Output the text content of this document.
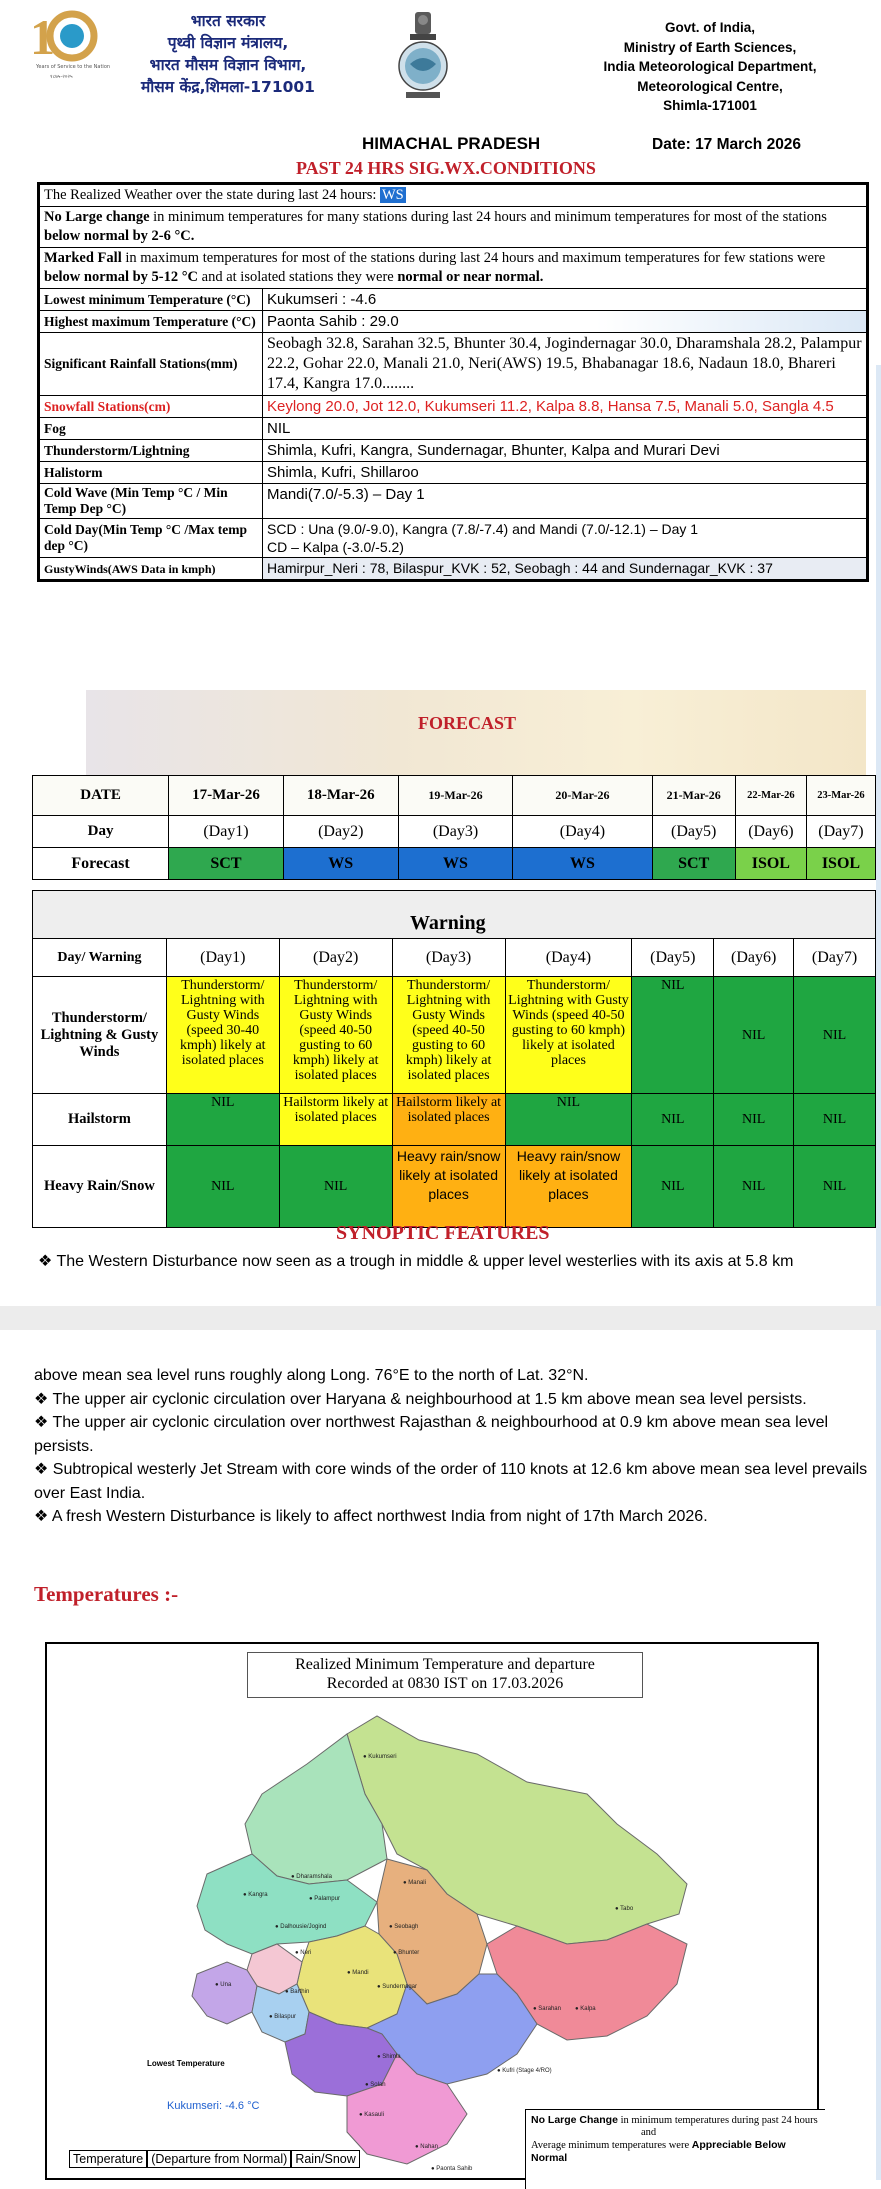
1
Years of Service to the Nation
१८७५-२०२५
भारत सरकार
पृथ्वी विज्ञान मंत्रालय,
भारत मौसम विज्ञान विभाग,
मौसम केंद्र,शिमला-171001
Govt. of India,
Ministry of Earth Sciences,
India Meteorological Department,
Meteorological Centre,
Shimla-171001
HIMACHAL PRADESH	Date: 17 March 2026
PAST 24 HRS SIG.WX.CONDITIONS
The Realized Weather over the state during last 24 hours: WS	
No Large change in minimum temperatures for many stations during last 24 hours and minimum temperatures for most of the stations below normal by 2-6 °C.	
Marked Fall in maximum temperatures for most of the stations during last 24 hours and maximum temperatures for few stations were below normal by 5-12 °C and at isolated stations they were normal or near normal.	
Lowest minimum Temperature (°C)	Kukumseri : -4.6
Highest maximum Temperature (°C)	Paonta Sahib : 29.0
Significant Rainfall Stations(mm)	Seobagh 32.8, Sarahan 32.5, Bhunter 30.4, Jogindernagar 30.0, Dharamshala 28.2, Palampur 22.2, Gohar 22.0, Manali 21.0, Neri(AWS) 19.5, Bhabanagar 18.6, Nadaun 18.0, Bhareri 17.4, Kangra 17.0........
Snowfall Stations(cm)	Keylong 20.0, Jot 12.0, Kukumseri 11.2, Kalpa 8.8, Hansa 7.5, Manali 5.0, Sangla 4.5
Fog	NIL
Thunderstorm/Lightning	Shimla, Kufri, Kangra, Sundernagar, Bhunter, Kalpa and Murari Devi
Halistorm	Shimla, Kufri, Shillaroo
Cold Wave (Min Temp °C / Min Temp Dep °C)	Mandi(7.0/-5.3) – Day 1
Cold Day(Min Temp °C /Max temp dep °C)	SCD : Una (9.0/-9.0), Kangra (7.8/-7.4) and Mandi (7.0/-12.1) – Day 1
CD – Kalpa (-3.0/-5.2)
GustyWinds(AWS Data in kmph)	Hamirpur_Neri : 78, Bilaspur_KVK : 52, Seobagh : 44 and Sundernagar_KVK : 37
FORECAST
DATE	17-Mar-26	18-Mar-26	19-Mar-26	20-Mar-26	21-Mar-26	22-Mar-26	23-Mar-26
Day	(Day1)	(Day2)	(Day3)	(Day4)	(Day5)	(Day6)	(Day7)
Forecast	SCT	WS	WS	WS	SCT	ISOL	ISOL
Warning
Day/ Warning	(Day1)	(Day2)	(Day3)	(Day4)	(Day5)	(Day6)	(Day7)
Thunderstorm/ Lightning & Gusty Winds	Thunderstorm/ Lightning with Gusty Winds (speed 30-40 kmph) likely at isolated places	Thunderstorm/ Lightning with Gusty Winds (speed 40-50 gusting to 60 kmph) likely at isolated places	Thunderstorm/ Lightning with Gusty Winds (speed 40-50 gusting to 60 kmph) likely at isolated places	Thunderstorm/ Lightning with Gusty Winds (speed 40-50 gusting to 60 kmph) likely at isolated places	NIL	NIL	NIL
Hailstorm	NIL	Hailstorm likely at isolated places	Hailstorm likely at isolated places	NIL	NIL	NIL	NIL
Heavy Rain/Snow	NIL	NIL	Heavy rain/snow likely at isolated places	Heavy rain/snow likely at isolated places	NIL	NIL	NIL
SYNOPTIC FEATURES
❖ The Western Disturbance now seen as a trough in middle & upper level westerlies with its axis at 5.8 km
above mean sea level runs roughly along Long. 76°E to the north of Lat. 32°N.
❖ The upper air cyclonic circulation over Haryana & neighbourhood at 1.5 km above mean sea level persists.
❖ The upper air cyclonic circulation over northwest Rajasthan & neighbourhood at 0.9 km above mean sea level persists.
❖ Subtropical westerly Jet Stream with core winds of the order of 110 knots at 12.6 km above mean sea level prevails over East India.
❖ A fresh Western Disturbance is likely to affect northwest India from night of 17th March 2026.
Temperatures :-
Realized Minimum Temperature and departure
Recorded at 0830 IST on 17.03.2026
Lowest Temperature
Kukumseri: -4.6 °C
Temperature (Departure from Normal) Rain/Snow
No Large Change in minimum temperatures during past 24 hours
and
Average minimum temperatures were Appreciable Below Normal
● Kukumseri
● Kangra
● Dharamshala
● Palampur
● Manali
● Dalhousie/Jogind	● Seobagh
● Bhunter
● Tabo
● Neri
● Mandi
● Sundernagar
● Una
● Barthin
● Bilaspur
● Sarahan ● Kalpa
● Kufri (Stage 4/RO)
● Shimla
● Solan
● Kasauli
● Nahan
● Paonta Sahib
